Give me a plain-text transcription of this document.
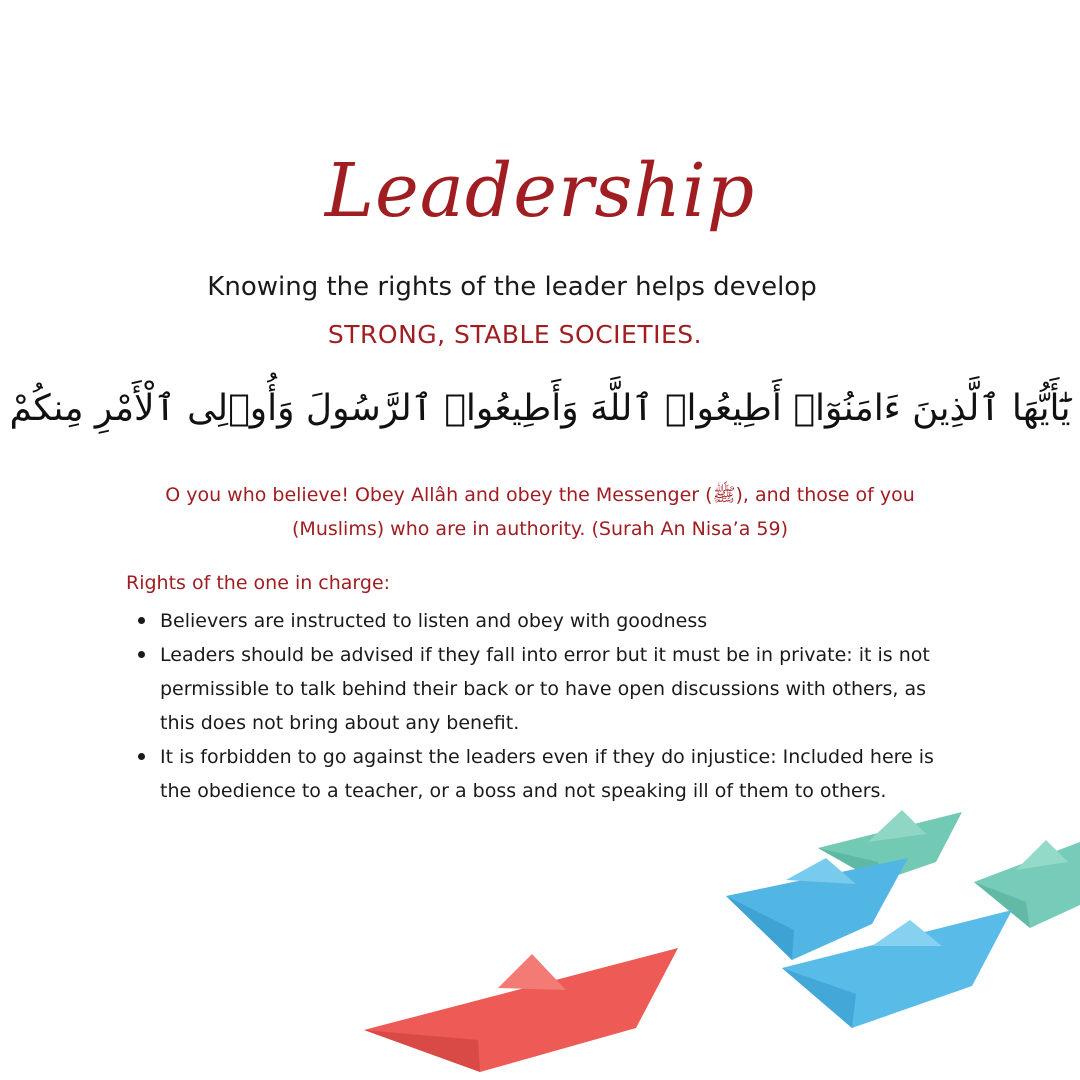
Leadership
Knowing the rights of the leader helps develop
STRONG, STABLE SOCIETIES.
يَٰٓأَيُّهَا ٱلَّذِينَ ءَامَنُوٓا۟ أَطِيعُوا۟ ٱللَّهَ وَأَطِيعُوا۟ ٱلرَّسُولَ وَأُو۟لِى ٱلْأَمْرِ مِنكُمْ
O you who believe! Obey Allâh and obey the Messenger (ﷺ), and those of you
(Muslims) who are in authority. (Surah An Nisa’a 59)
Rights of the one in charge:
Believers are instructed to listen and obey with goodness
Leaders should be advised if they fall into error but it must be in private: it is not
permissible to talk behind their back or to have open discussions with others, as
this does not bring about any benefit.
It is forbidden to go against the leaders even if they do injustice: Included here is
the obedience to a teacher, or a boss and not speaking ill of them to others.
